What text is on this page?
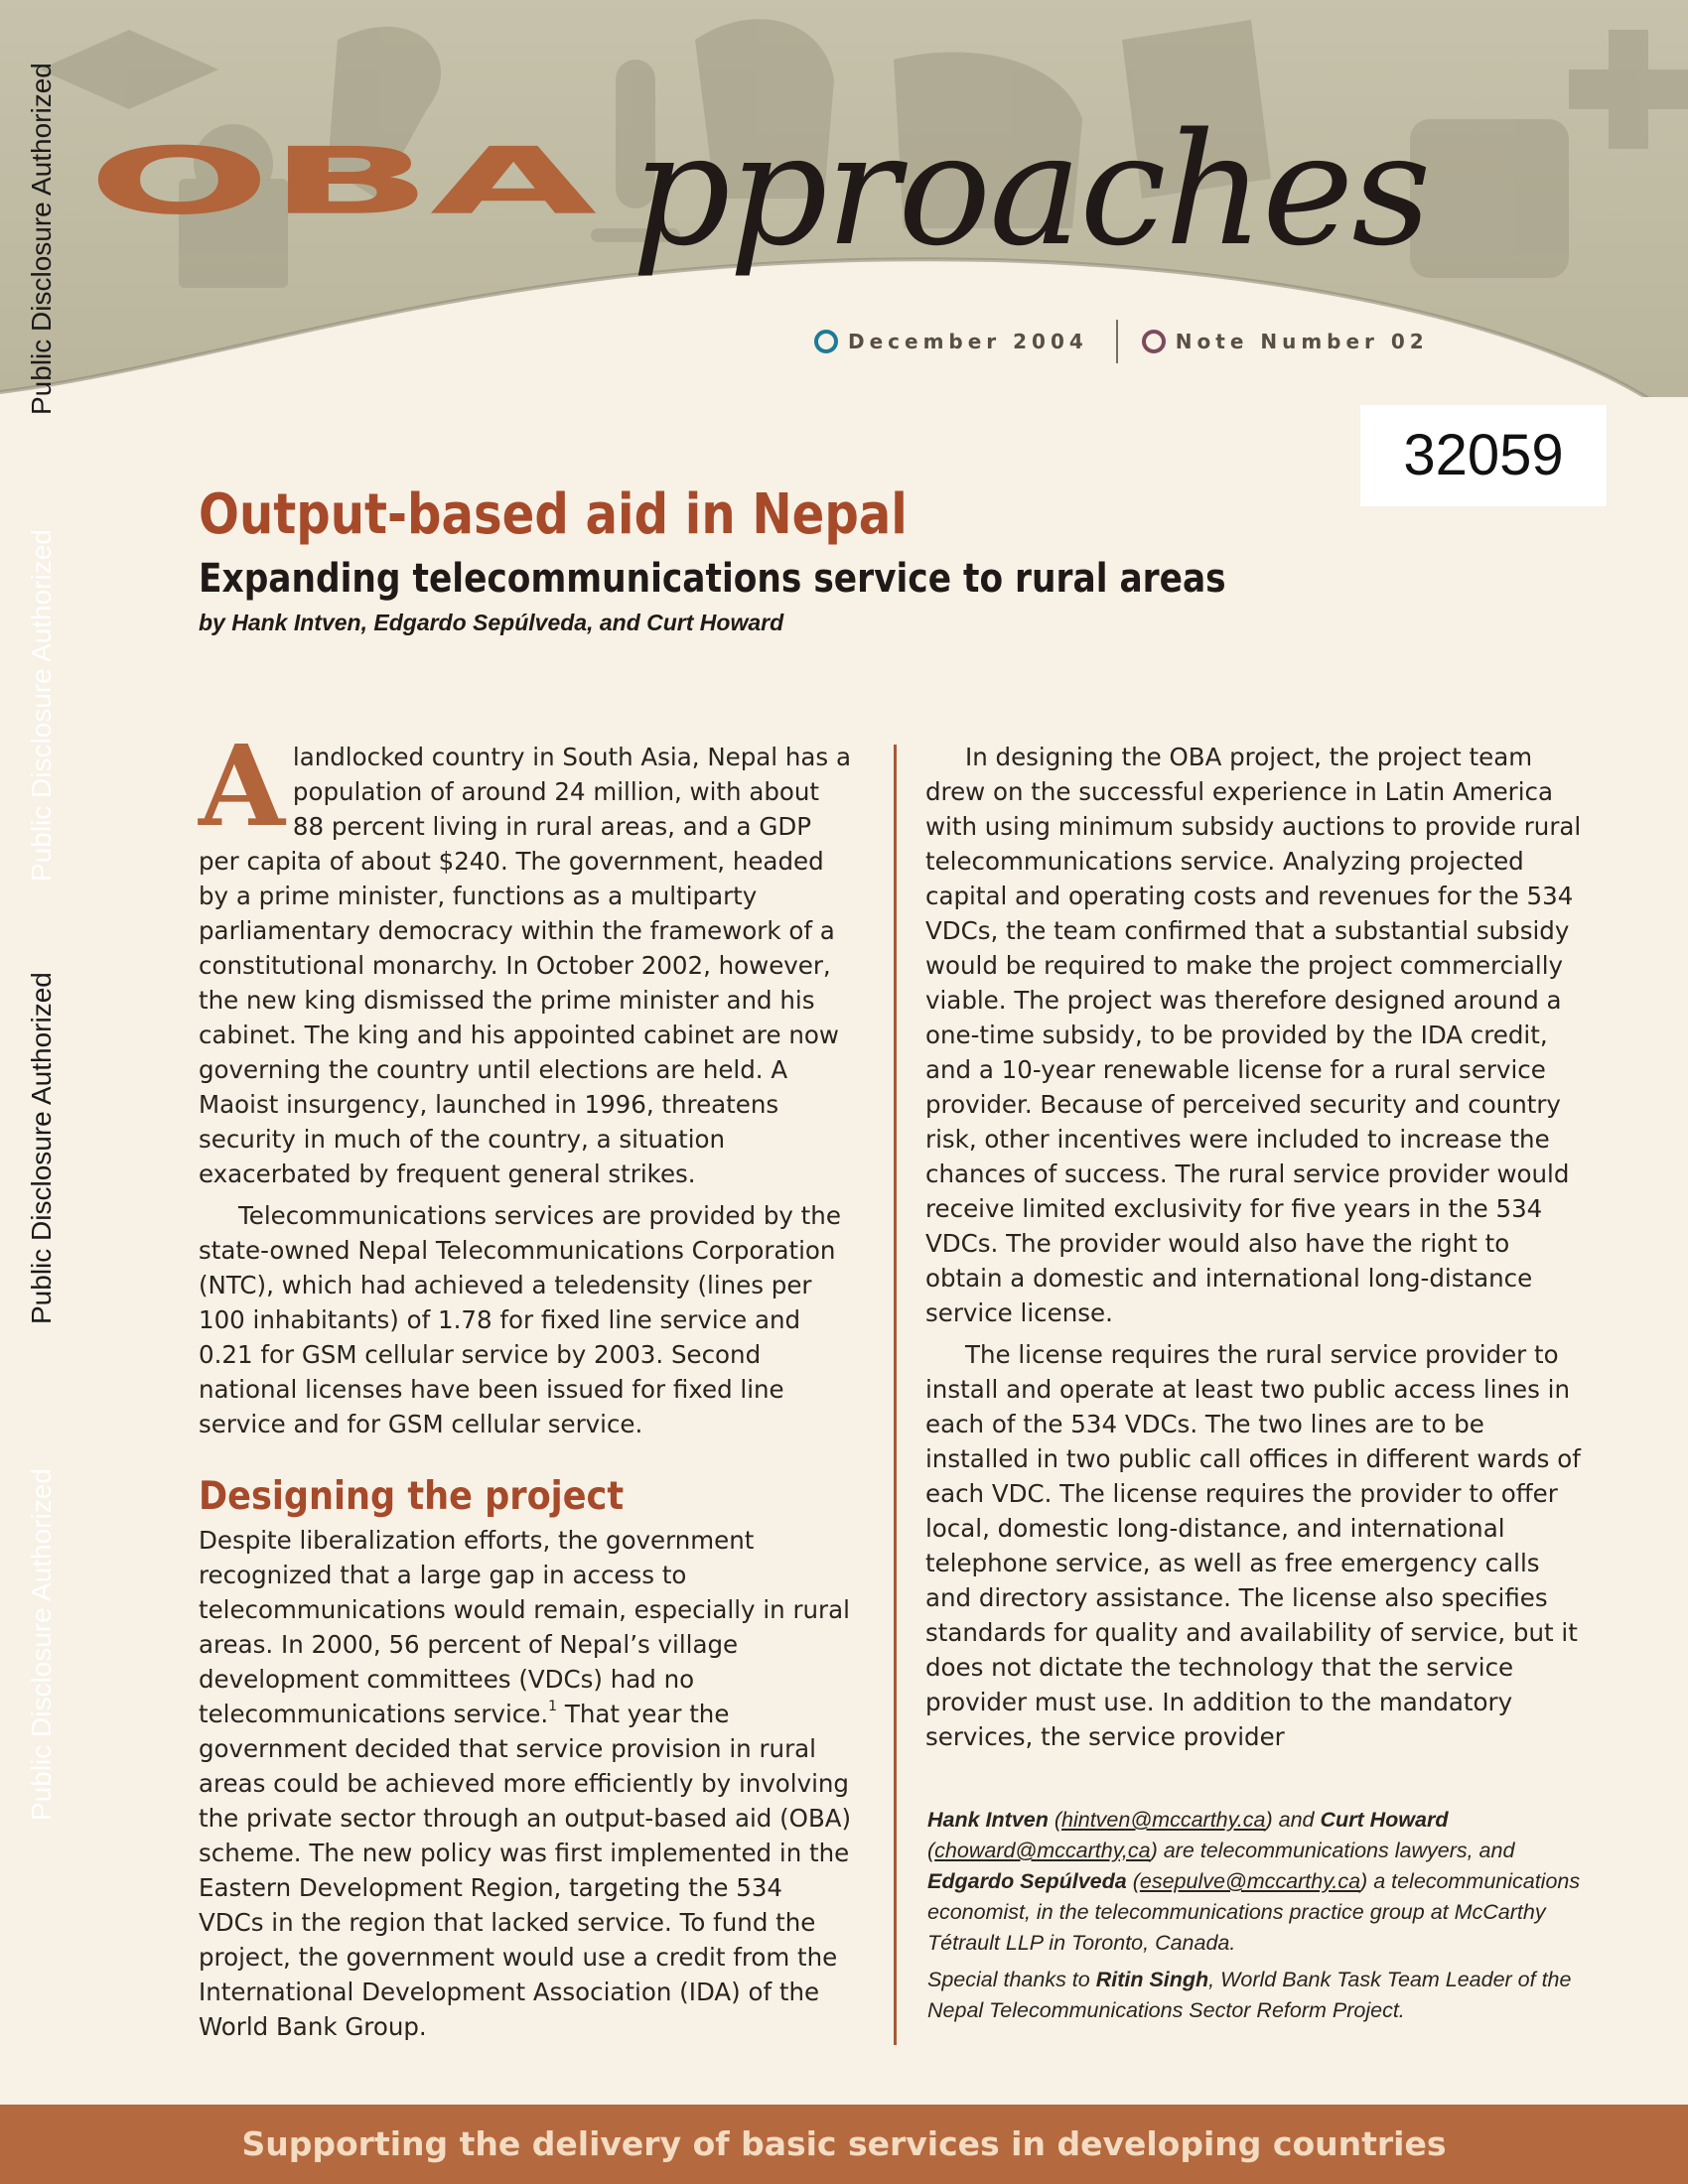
OBA pproaches
December 2004	Note Number 02
32059
Public Disclosure Authorized
Public Disclosure Authorized
Public Disclosure Authorized
Public Disclosure Authorized
Output-based aid in Nepal
Expanding telecommunications service to rural areas
by Hank Intven, Edgardo Sepúlveda, and Curt Howard

Alandlocked country in South Asia, Nepal has a population of around 24 million, with about 88 percent living in rural areas, and a GDP per capita of about $240. The government, headed by a prime minister, functions as a multiparty parliamentary democracy within the framework of a constitutional monarchy. In October 2002, however, the new king dismissed the prime minister and his cabinet. The king and his appointed cabinet are now governing the country until elections are held. A Maoist insurgency, launched in 1996, threatens security in much of the country, a situation exacerbated by frequent general strikes.

Telecommunications services are provided by the state-owned Nepal Telecommunications Corporation (NTC), which had achieved a teledensity (lines per 100 inhabitants) of 1.78 for fixed line service and 0.21 for GSM cellular service by 2003. Second national licenses have been issued for fixed line service and for GSM cellular service.

Designing the project

Despite liberalization efforts, the government recognized that a large gap in access to telecommunications would remain, especially in rural areas. In 2000, 56 percent of Nepal’s village development committees (VDCs) had no telecommunications service.$^1$ That year the government decided that service provision in rural areas could be achieved more efficiently by involving the private sector through an output-based aid (OBA) scheme. The new policy was first implemented in the Eastern Development Region, targeting the 534 VDCs in the region that lacked service. To fund the project, the government would use a credit from the International Development Association (IDA) of the World Bank Group.

In designing the OBA project, the project team drew on the successful experience in Latin America with using minimum subsidy auctions to provide rural telecommunications service. Analyzing projected capital and operating costs and revenues for the 534 VDCs, the team confirmed that a substantial subsidy would be required to make the project commercially viable. The project was therefore designed around a one-time subsidy, to be provided by the IDA credit, and a 10-year renewable license for a rural service provider. Because of perceived security and country risk, other incentives were included to increase the chances of success. The rural service provider would receive limited exclusivity for five years in the 534 VDCs. The provider would also have the right to obtain a domestic and international long-distance service license.

The license requires the rural service provider to install and operate at least two public access lines in each of the 534 VDCs. The two lines are to be installed in two public call offices in different wards of each VDC. The license requires the provider to offer local, domestic long-distance, and international telephone service, as well as free emergency calls and directory assistance. The license also specifies standards for quality and availability of service, but it does not dictate the technology that the service provider must use. In addition to the mandatory services, the service provider

Hank Intven (hintven@mccarthy.ca) and Curt Howard (choward@mccarthy,ca) are telecommunications lawyers, and Edgardo Sepúlveda (esepulve@mccarthy.ca) a telecommunications economist, in the telecommunications practice group at McCarthy Tétrault LLP in Toronto, Canada.

Special thanks to Ritin Singh, World Bank Task Team Leader of the Nepal Telecommunications Sector Reform Project.

Supporting the delivery of basic services in developing countries
